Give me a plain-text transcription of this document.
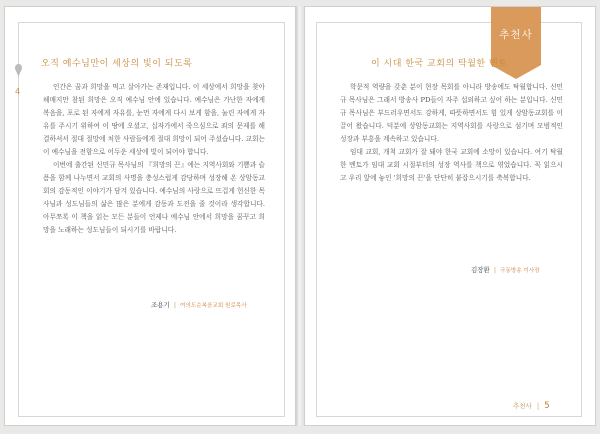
4
오직 예수님만이 세상의 빛이 되도록

인간은 꿈과 희망을 먹고 살아가는 존재입니다. 이 세상에서 희망을 찾아 헤매지만 참된 희망은 오직 예수님 안에 있습니다. 예수님은 가난한 자에게 복음을, 포로 된 자에게 자유를, 눈먼 자에게 다시 보게 함을, 눌린 자에게 자유를 주시기 위하여 이 땅에 오셨고, 십자가에서 죽으심으로 죄의 문제를 해결하셔서 절대 절망에 처한 사람들에게 절대 희망이 되어 주셨습니다. 교회는 이 예수님을 전함으로 어두운 세상에 빛이 되어야 합니다.

이번에 출간된 신민규 목사님의 『희망의 끈』에는 지역사회와 기쁨과 슬픔을 함께 나누면서 교회의 사명을 충성스럽게 감당하며 성장해 온 상암동교회의 감동적인 이야기가 담겨 있습니다. 예수님의 사랑으로 뜨겁게 헌신한 목사님과 성도님들의 삶은 많은 분에게 감동과 도전을 줄 것이라 생각합니다. 아무쪼록 이 책을 읽는 모든 분들이 언제나 예수님 안에서 희망을 꿈꾸고 희망을 노래하는 성도님들이 되시기를 바랍니다.

조용기 | 여의도순복음교회 원로목사
추천사
이 시대 한국 교회의 탁월한 멘토

학문적 역량을 갖춘 분이 현장 목회를 아니라 방송에도 탁월합니다. 신민규 목사님은 그래서 방송사 PD들이 자주 섭외하고 싶어 하는 분입니다. 신민규 목사님은 부드러우면서도 강하게, 따뜻하면서도 힘 있게 상암동교회를 이끌어 왔습니다. 덕분에 상암동교회는 지역사회를 사랑으로 섬기며 모범적인 성장과 부흥을 계속하고 있습니다.

임대 교회, 개척 교회가 잘 돼야 한국 교회에 소망이 있습니다. 여기 탁월한 멘토가 임대 교회 시절부터의 성장 역사를 책으로 엮었습니다. 꼭 읽으시고 우리 앞에 놓인 '희망의 끈'을 단단히 붙잡으시기를 축복합니다.

김장환 | 극동방송 이사장
추천사 | 5
